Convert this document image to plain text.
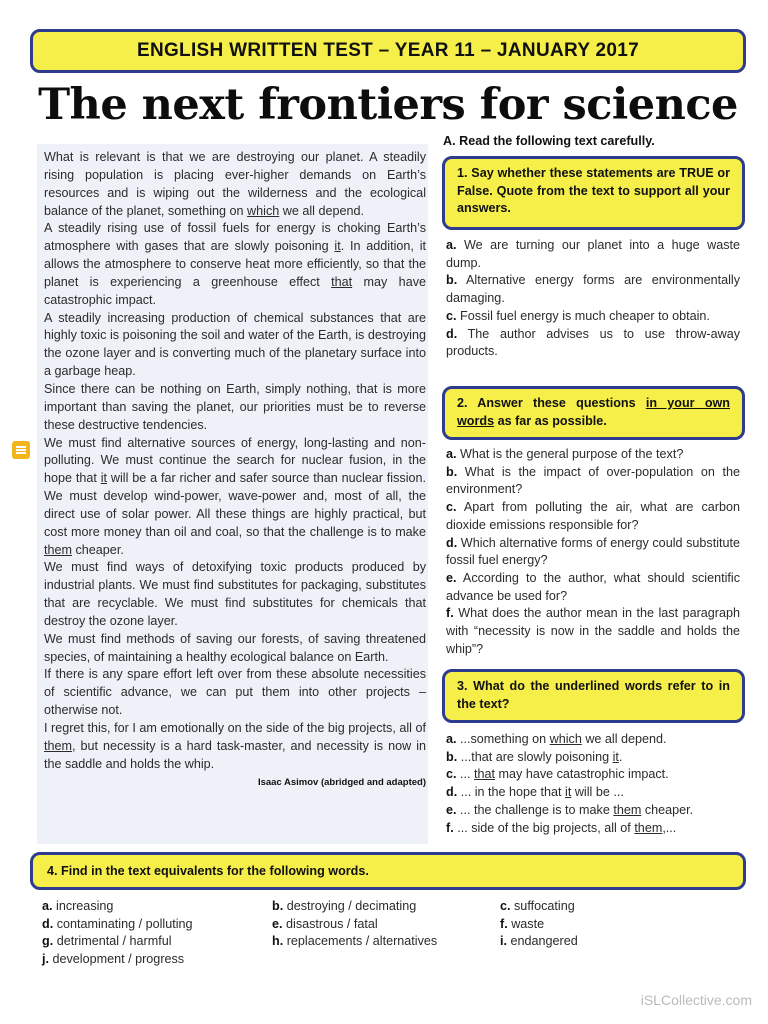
ENGLISH WRITTEN TEST – YEAR 11 – JANUARY 2017
The next frontiers for science

What is relevant is that we are destroying our planet. A steadily rising population is placing ever-higher demands on Earth’s resources and is wiping out the wilderness and the ecological balance of the planet, something on which we all depend.

A steadily rising use of fossil fuels for energy is choking Earth’s atmosphere with gases that are slowly poisoning it. In addition, it allows the atmosphere to conserve heat more efficiently, so that the planet is experiencing a greenhouse effect that may have catastrophic impact.

A steadily increasing production of chemical substances that are highly toxic is poisoning the soil and water of the Earth, is destroying the ozone layer and is converting much of the planetary surface into a garbage heap.

Since there can be nothing on Earth, simply nothing, that is more important than saving the planet, our priorities must be to reverse these destructive tendencies.

We must find alternative sources of energy, long-lasting and non-polluting. We must continue the search for nuclear fusion, in the hope that it will be a far richer and safer source than nuclear fission. We must develop wind-power, wave-power and, most of all, the direct use of solar power. All these things are highly practical, but cost more money than oil and coal, so that the challenge is to make them cheaper.

We must find ways of detoxifying toxic products produced by industrial plants. We must find substitutes for packaging, substitutes that are recyclable. We must find substitutes for chemicals that destroy the ozone layer.

We must find methods of saving our forests, of saving threatened species, of maintaining a healthy ecological balance on Earth.

If there is any spare effort left over from these absolute necessities of scientific advance, we can put them into other projects – otherwise not.

I regret this, for I am emotionally on the side of the big projects, all of them, but necessity is a hard task-master, and necessity is now in the saddle and holds the whip.

Isaac Asimov (abridged and adapted)
A. Read the following text carefully.
1. Say whether these statements are TRUE or False. Quote from the text to support all your answers.

a. We are turning our planet into a huge waste dump.

b. Alternative energy forms are environmentally damaging.

c. Fossil fuel energy is much cheaper to obtain.

d. The author advises us to use throw-away products.

2. Answer these questions in your own words as far as possible.

a. What is the general purpose of the text?

b. What is the impact of over-population on the environment?

c. Apart from polluting the air, what are carbon dioxide emissions responsible for?

d. Which alternative forms of energy could substitute fossil fuel energy?

e. According to the author, what should scientific advance be used for?

f. What does the author mean in the last paragraph with “necessity is now in the saddle and holds the whip”?

3. What do the underlined words refer to in the text?

a. ...something on which we all depend.

b. ...that are slowly poisoning it.

c. ... that may have catastrophic impact.

d. ... in the hope that it will be ...

e. ... the challenge is to make them cheaper.

f. ... side of the big projects, all of them,...

4. Find in the text equivalents for the following words.
a. increasing	b. destroying / decimating	c. suffocating
d. contaminating / polluting	e. disastrous / fatal	f. waste
g. detrimental / harmful	h. replacements / alternatives	i. endangered
j. development / progress
iSLCollective.com
